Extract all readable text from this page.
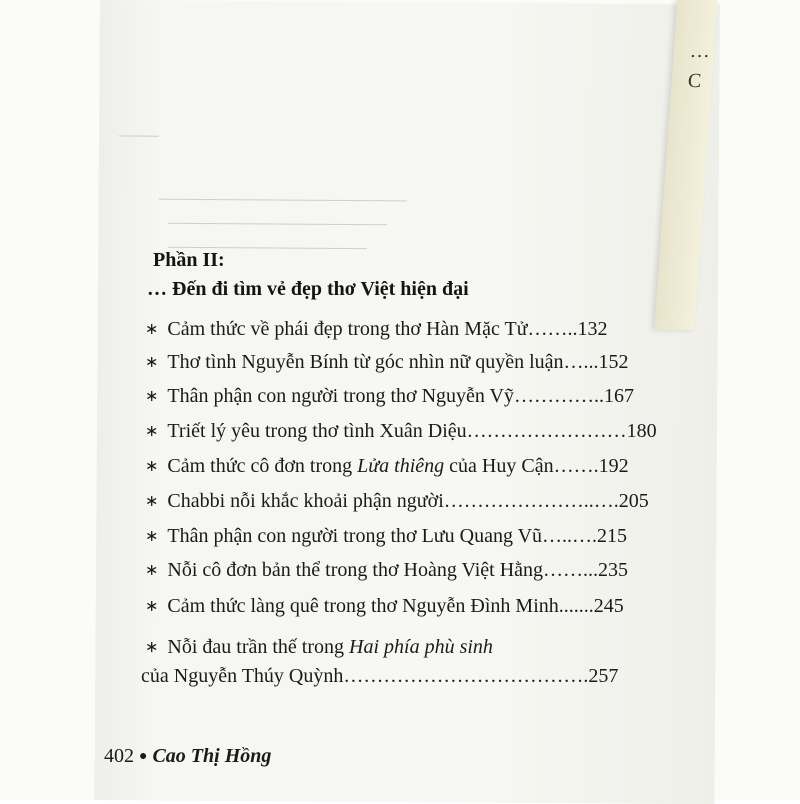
────
─────────────────────────
──────────────────────
────────────────────
…
C
Phần II:
… Đến đi tìm vẻ đẹp thơ Việt hiện đại
∗ Cảm thức về phái đẹp trong thơ Hàn Mặc Tử……..132
∗ Thơ tình Nguyễn Bính từ góc nhìn nữ quyền luận…...152
∗ Thân phận con người trong thơ Nguyễn Vỹ…………..167
∗ Triết lý yêu trong thơ tình Xuân Diệu……………………180
∗ Cảm thức cô đơn trong Lửa thiêng của Huy Cận…….192
∗ Chabbi nỗi khắc khoải phận người…………………..….205
∗ Thân phận con người trong thơ Lưu Quang Vũ…..….215
∗ Nỗi cô đơn bản thể trong thơ Hoàng Việt Hằng……...235
∗ Cảm thức làng quê trong thơ Nguyễn Đình Minh.......245
∗ Nỗi đau trần thế trong Hai phía phù sinh
của Nguyễn Thúy Quỳnh……………………………….257
402 ● Cao Thị Hồng
